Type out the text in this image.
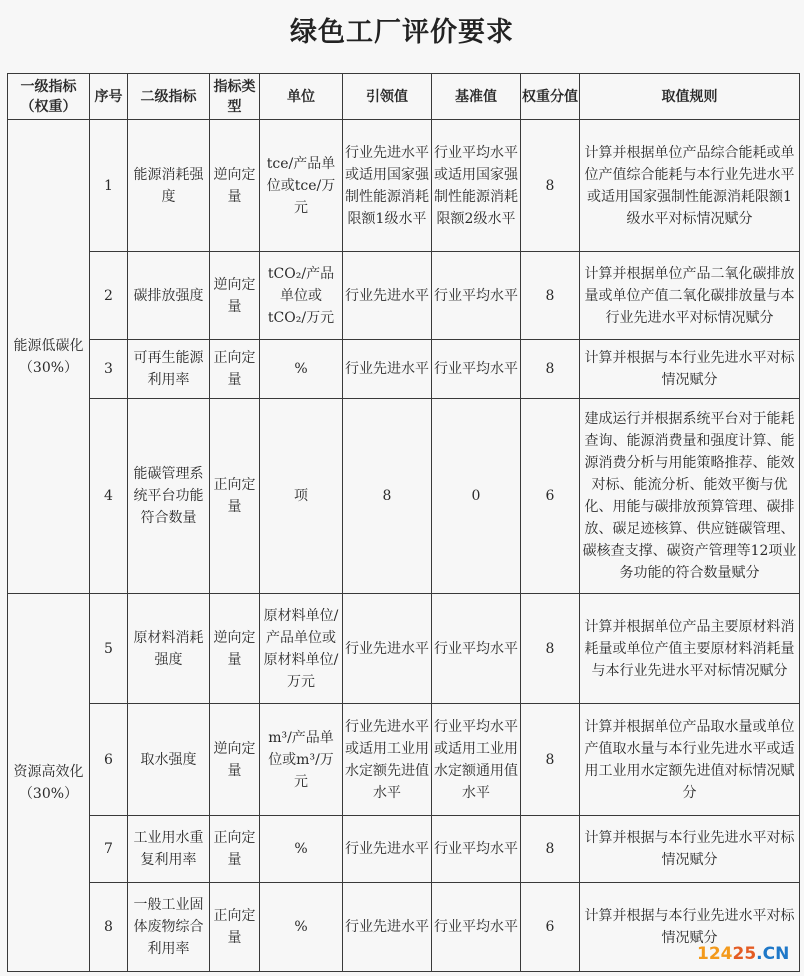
绿色工厂评价要求
一级指标（权重）	序号	二级指标	指标类型	单位	引领值	基准值	权重分值	取值规则
能源低碳化（30%）	1	能源消耗强度	逆向定量	tce/产品单位或tce/万元	行业先进水平或适用国家强制性能源消耗限额1级水平	行业平均水平或适用国家强制性能源消耗限额2级水平	8	计算并根据单位产品综合能耗或单位产值综合能耗与本行业先进水平或适用国家强制性能源消耗限额1级水平对标情况赋分
	2	碳排放强度	逆向定量	tCO₂/产品单位或tCO₂/万元	行业先进水平	行业平均水平	8	计算并根据单位产品二氧化碳排放量或单位产值二氧化碳排放量与本行业先进水平对标情况赋分
	3	可再生能源利用率	正向定量	%	行业先进水平	行业平均水平	8	计算并根据与本行业先进水平对标情况赋分
	4	能碳管理系统平台功能符合数量	正向定量	项	8	0	6	建成运行并根据系统平台对于能耗查询、能源消费量和强度计算、能源消费分析与用能策略推荐、能效对标、能流分析、能效平衡与优化、用能与碳排放预算管理、碳排放、碳足迹核算、供应链碳管理、碳核查支撑、碳资产管理等12项业务功能的符合数量赋分
资源高效化（30%）	5	原材料消耗强度	逆向定量	原材料单位/产品单位或原材料单位/万元	行业先进水平	行业平均水平	8	计算并根据单位产品主要原材料消耗量或单位产值主要原材料消耗量与本行业先进水平对标情况赋分
	6	取水强度	逆向定量	m³/产品单位或m³/万元	行业先进水平或适用工业用水定额先进值水平	行业平均水平或适用工业用水定额通用值水平	8	计算并根据单位产品取水量或单位产值取水量与本行业先进水平或适用工业用水定额先进值对标情况赋分
	7	工业用水重复利用率	正向定量	%	行业先进水平	行业平均水平	8	计算并根据与本行业先进水平对标情况赋分
	8	一般工业固体废物综合利用率	正向定量	%	行业先进水平	行业平均水平	6	计算并根据与本行业先进水平对标情况赋分
12425.CN
